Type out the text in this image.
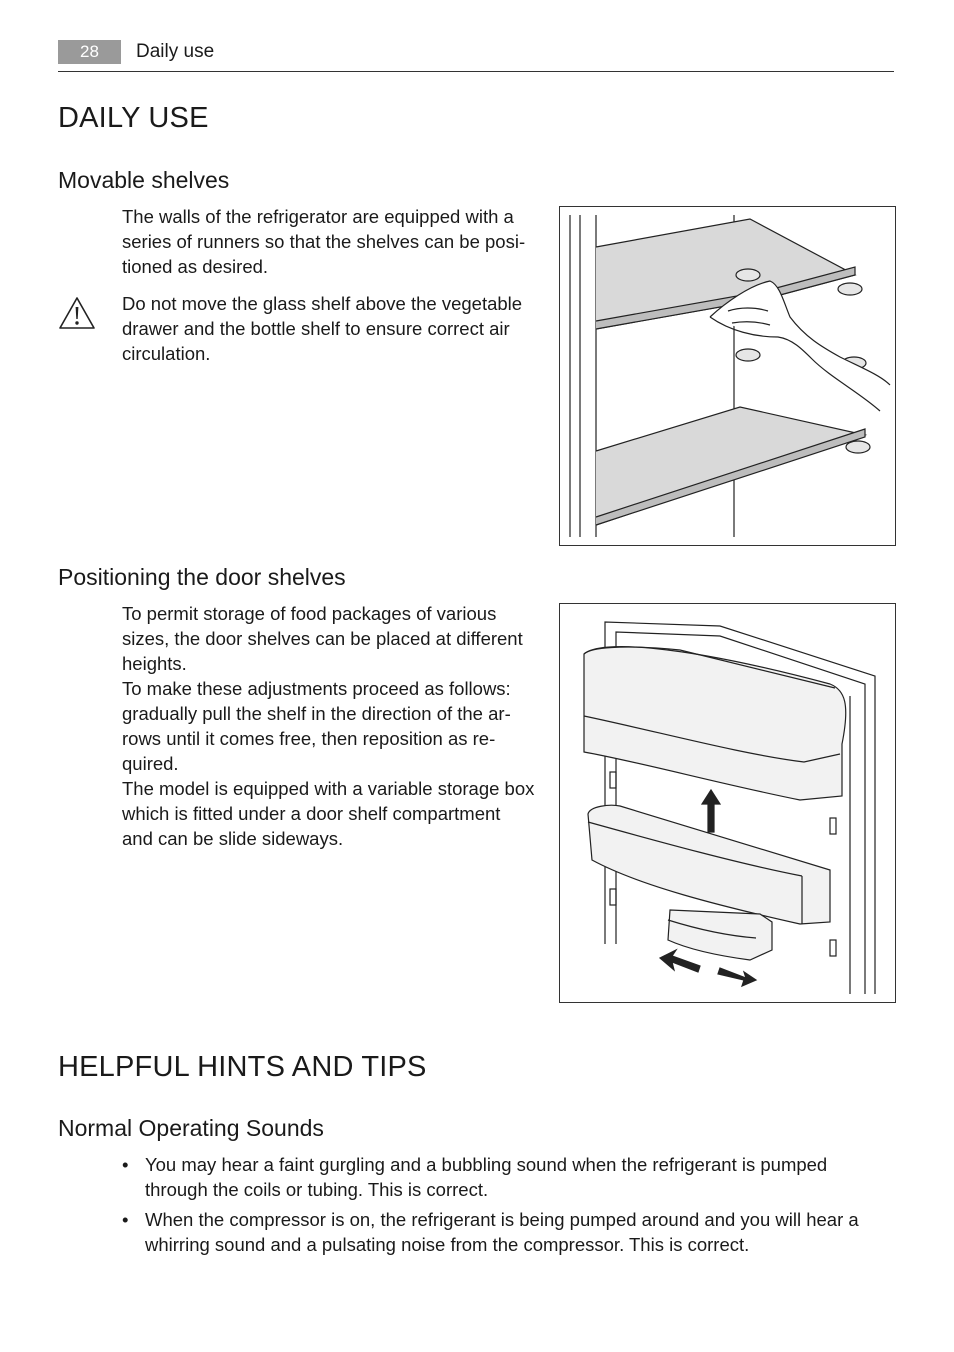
28	Daily use
DAILY USE
Movable shelves

The walls of the refrigerator are equipped with a
series of runners so that the shelves can be posi-
tioned as desired.

Do not move the glass shelf above the vegetable
drawer and the bottle shelf to ensure correct air
circulation.

Positioning the door shelves

To permit storage of food packages of various
sizes, the door shelves can be placed at different
heights.
To make these adjustments proceed as follows:
gradually pull the shelf in the direction of the ar-
rows until it comes free, then reposition as re-
quired.
The model is equipped with a variable storage box
which is fitted under a door shelf compartment
and can be slide sideways.

HELPFUL HINTS AND TIPS
Normal Operating Sounds
• You may hear a faint gurgling and a bubbling sound when the refrigerant is pumped
through the coils or tubing. This is correct.
• When the compressor is on, the refrigerant is being pumped around and you will hear a
whirring sound and a pulsating noise from the compressor. This is correct.
